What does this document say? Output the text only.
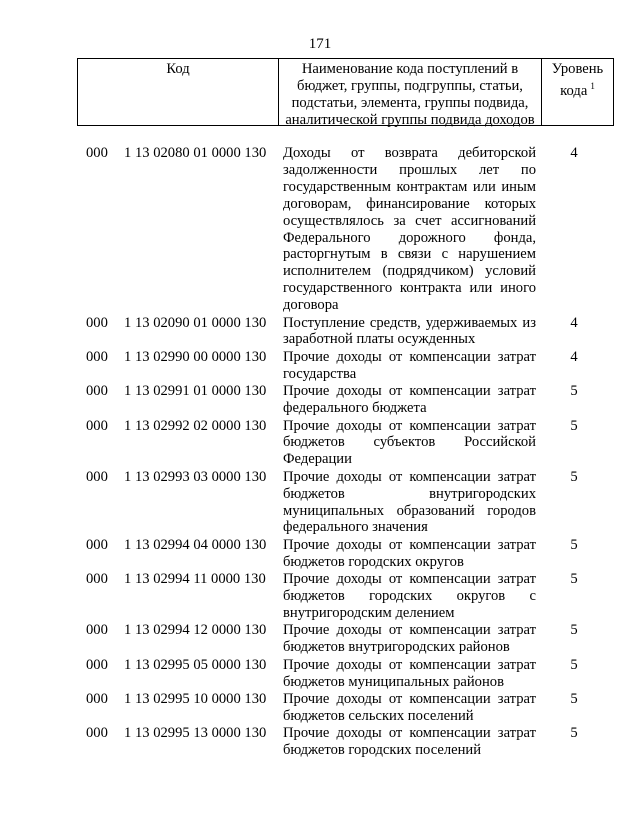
171
Код	Наименование кода поступлений в бюджет, группы, подгруппы, статьи, подстатьи, элемента, группы подвида, аналитической группы подвида доходов
Уровень кода $^1$
000 1 13 02080 01 0000 130 Доходы от возврата дебиторской задолженности прошлых лет по государственным контрактам или иным договорам, финансирование которых осуществлялось за счет ассигнований Федерального дорожного фонда, расторгнутым в связи с нарушением исполнителем (подрядчиком) условий государственного контракта или иного договора
4
000 1 13 02090 01 0000 130 Поступление средств, удерживаемых из заработной платы осужденных
4
000 1 13 02990 00 0000 130 Прочие доходы от компенсации затрат государства
4
000 1 13 02991 01 0000 130 Прочие доходы от компенсации затрат федерального бюджета
5
000 1 13 02992 02 0000 130 Прочие доходы от компенсации затрат бюджетов субъектов Российской Федерации
5
000 1 13 02993 03 0000 130 Прочие доходы от компенсации затрат бюджетов внутригородских муниципальных образований городов федерального значения
5
000 1 13 02994 04 0000 130 Прочие доходы от компенсации затрат бюджетов городских округов
5
000 1 13 02994 11 0000 130 Прочие доходы от компенсации затрат бюджетов городских округов с внутригородским делением
5
000 1 13 02994 12 0000 130 Прочие доходы от компенсации затрат бюджетов внутригородских районов
5
000 1 13 02995 05 0000 130 Прочие доходы от компенсации затрат бюджетов муниципальных районов
5
000 1 13 02995 10 0000 130 Прочие доходы от компенсации затрат бюджетов сельских поселений
5
000 1 13 02995 13 0000 130 Прочие доходы от компенсации затрат бюджетов городских поселений
5
